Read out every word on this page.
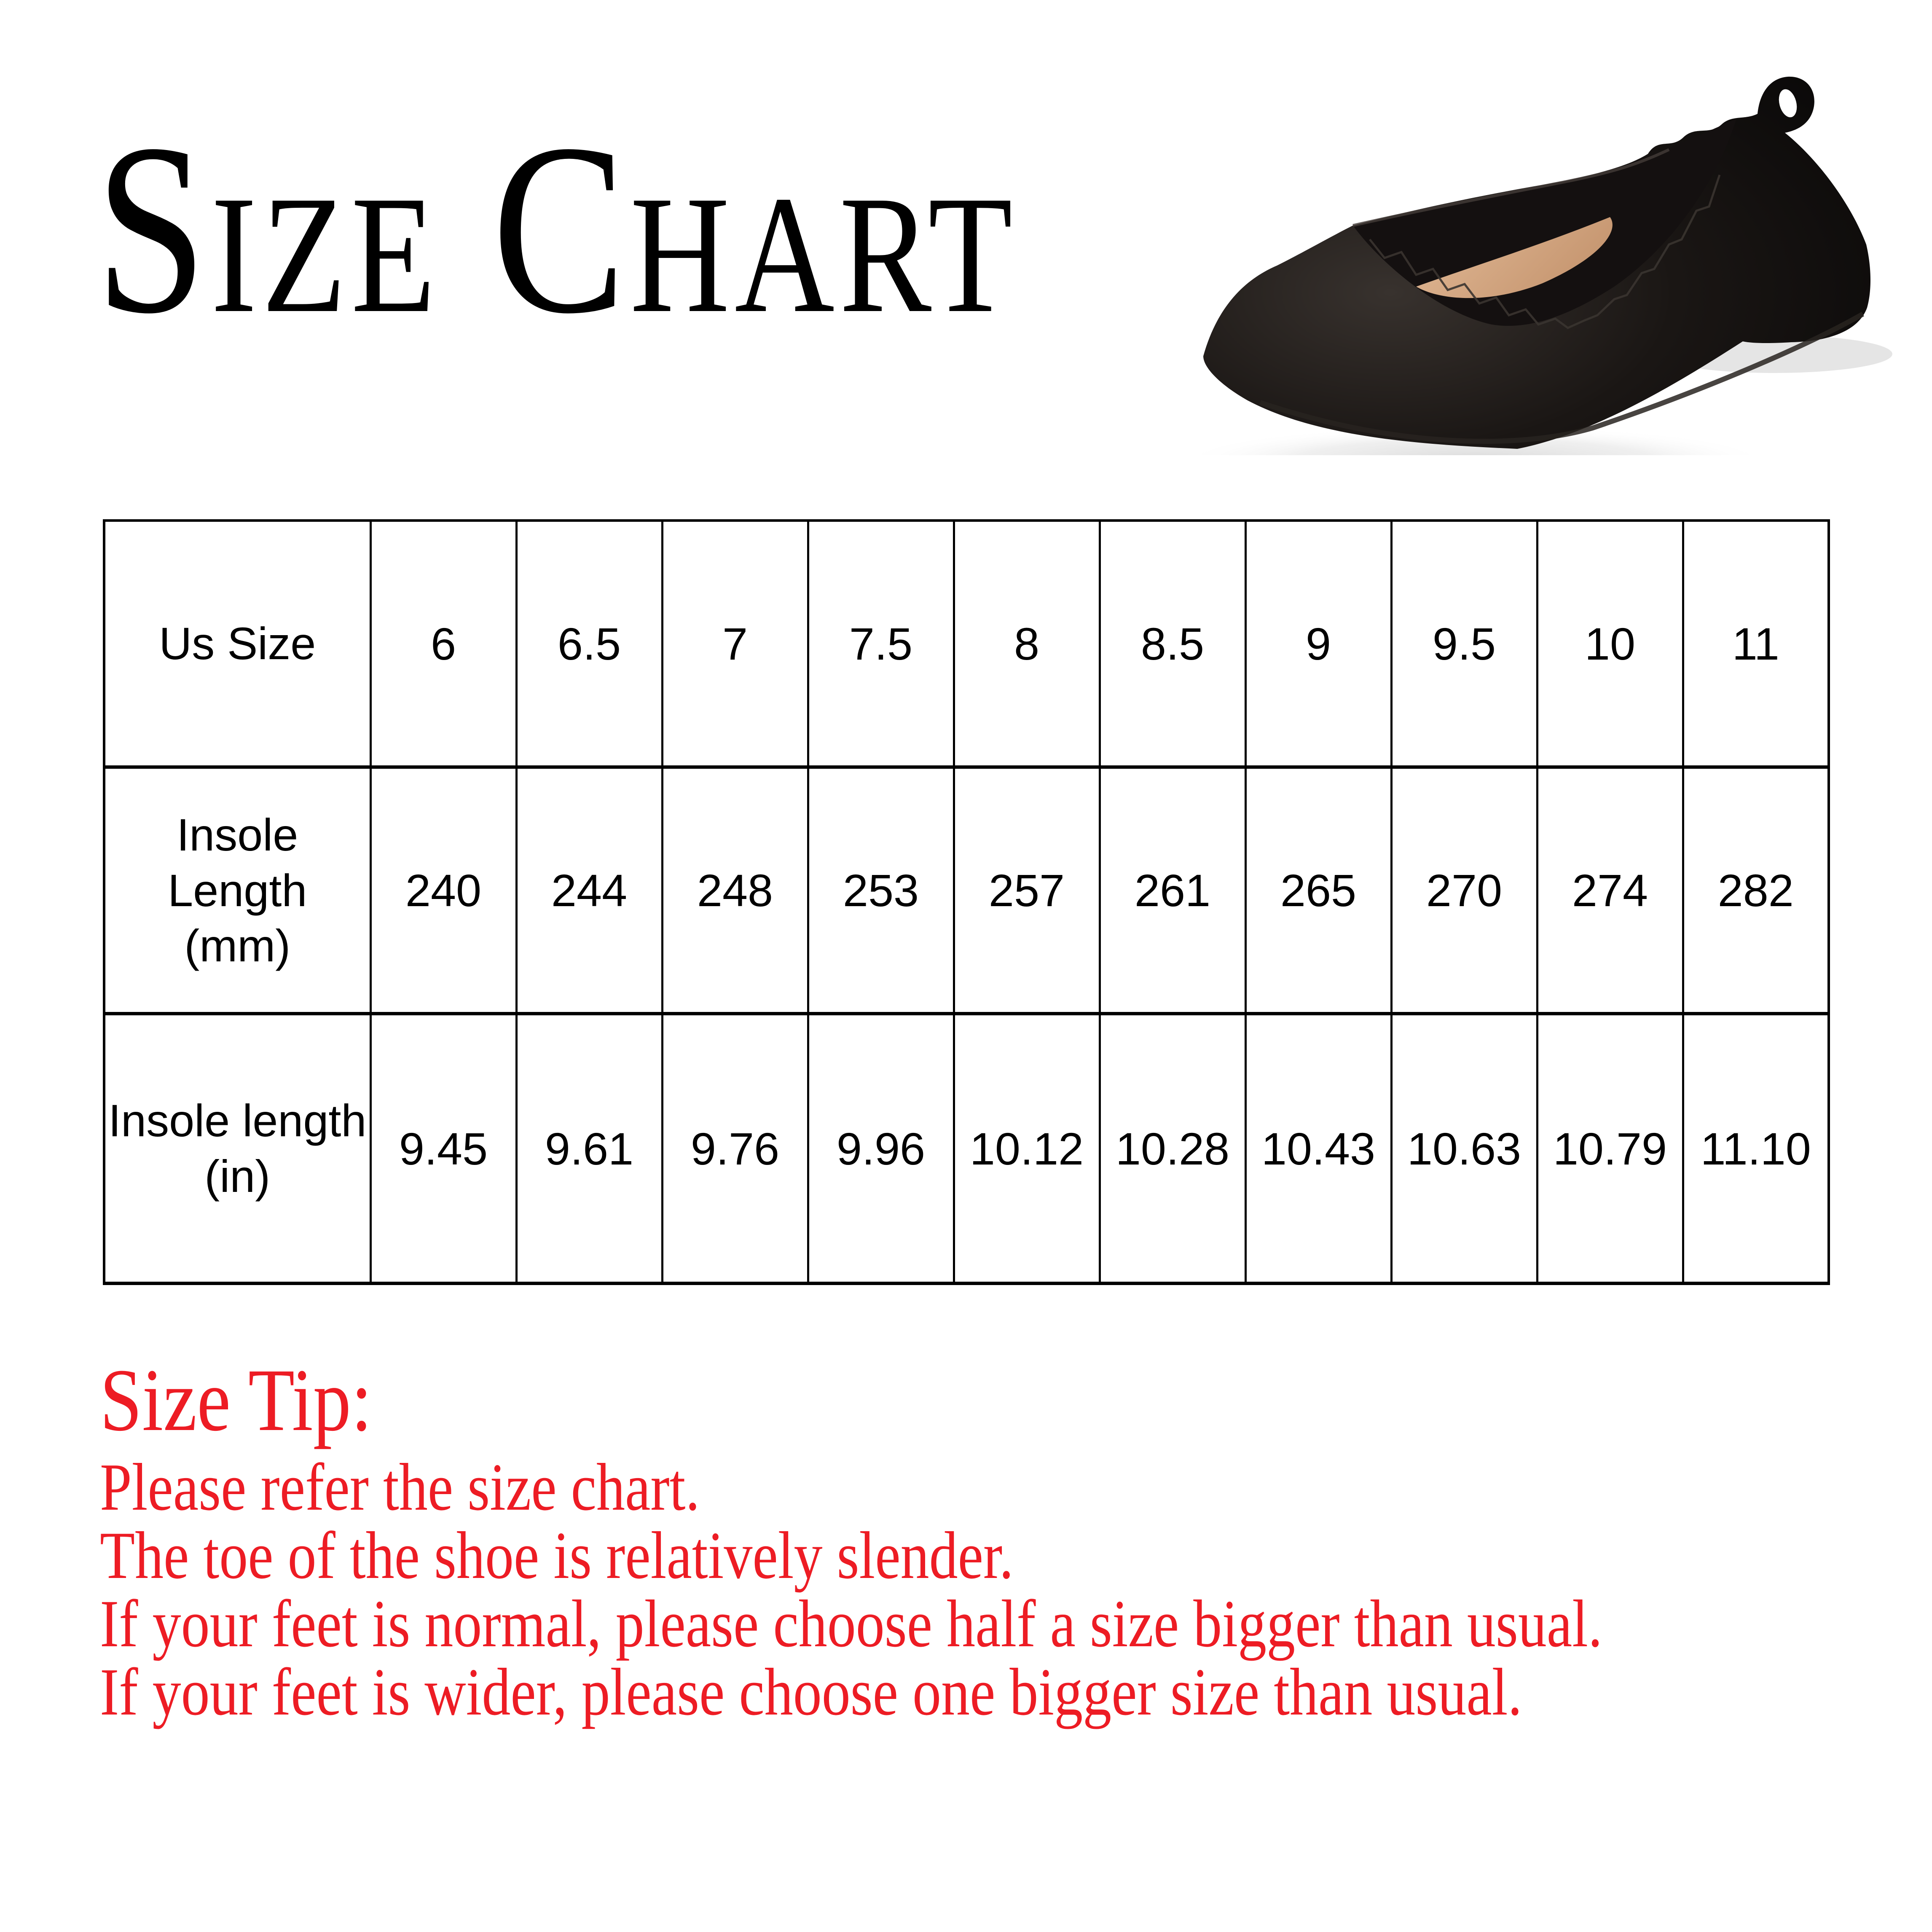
SIZE CHART
Us Size	6	6.5	7	7.5	8	8.5	9	9.5	10	11

Insole Length
(mm)	240	244	248	253	257	261	265	270	274	282

Insole length
(in)	9.45	9.61	9.76	9.96	10.12	10.28	10.43	10.63	10.79	11.10
Size Tip:

Please refer the size chart.

The toe of the shoe is relatively slender.

If your feet is normal, please choose half a size bigger than usual.

If your feet is wider, please choose one bigger size than usual.
